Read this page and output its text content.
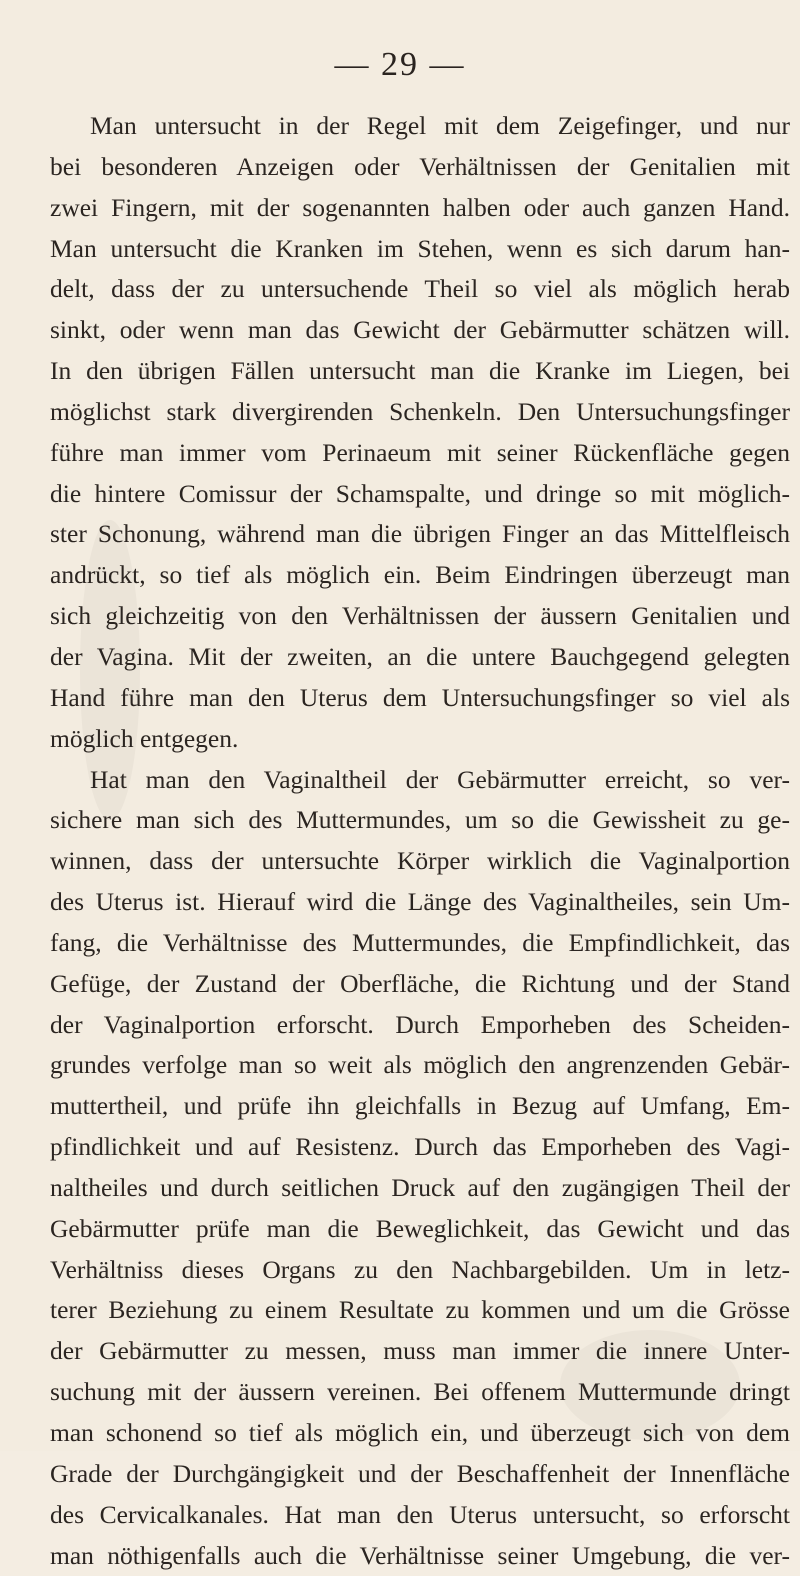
— 29 —
Man untersucht in der Regel mit dem Zeigefinger, und nur
bei besonderen Anzeigen oder Verhältnissen der Genitalien mit
zwei Fingern, mit der sogenannten halben oder auch ganzen Hand.
Man untersucht die Kranken im Stehen, wenn es sich darum han-
delt, dass der zu untersuchende Theil so viel als möglich herab
sinkt, oder wenn man das Gewicht der Gebärmutter schätzen will.
In den übrigen Fällen untersucht man die Kranke im Liegen, bei
möglichst stark divergirenden Schenkeln. Den Untersuchungsfinger
führe man immer vom Perinaeum mit seiner Rückenfläche gegen
die hintere Comissur der Schamspalte, und dringe so mit möglich-
ster Schonung, während man die übrigen Finger an das Mittelfleisch
andrückt, so tief als möglich ein. Beim Eindringen überzeugt man
sich gleichzeitig von den Verhältnissen der äussern Genitalien und
der Vagina. Mit der zweiten, an die untere Bauchgegend gelegten
Hand führe man den Uterus dem Untersuchungsfinger so viel als
möglich entgegen.
Hat man den Vaginaltheil der Gebärmutter erreicht, so ver-
sichere man sich des Muttermundes, um so die Gewissheit zu ge-
winnen, dass der untersuchte Körper wirklich die Vaginalportion
des Uterus ist. Hierauf wird die Länge des Vaginaltheiles, sein Um-
fang, die Verhältnisse des Muttermundes, die Empfindlichkeit, das
Gefüge, der Zustand der Oberfläche, die Richtung und der Stand
der Vaginalportion erforscht. Durch Emporheben des Scheiden-
grundes verfolge man so weit als möglich den angrenzenden Gebär-
muttertheil, und prüfe ihn gleichfalls in Bezug auf Umfang, Em-
pfindlichkeit und auf Resistenz. Durch das Emporheben des Vagi-
naltheiles und durch seitlichen Druck auf den zugängigen Theil der
Gebärmutter prüfe man die Beweglichkeit, das Gewicht und das
Verhältniss dieses Organs zu den Nachbargebilden. Um in letz-
terer Beziehung zu einem Resultate zu kommen und um die Grösse
der Gebärmutter zu messen, muss man immer die innere Unter-
suchung mit der äussern vereinen. Bei offenem Muttermunde dringt
man schonend so tief als möglich ein, und überzeugt sich von dem
Grade der Durchgängigkeit und der Beschaffenheit der Innenfläche
des Cervicalkanales. Hat man den Uterus untersucht, so erforscht
man nöthigenfalls auch die Verhältnisse seiner Umgebung, die ver-
